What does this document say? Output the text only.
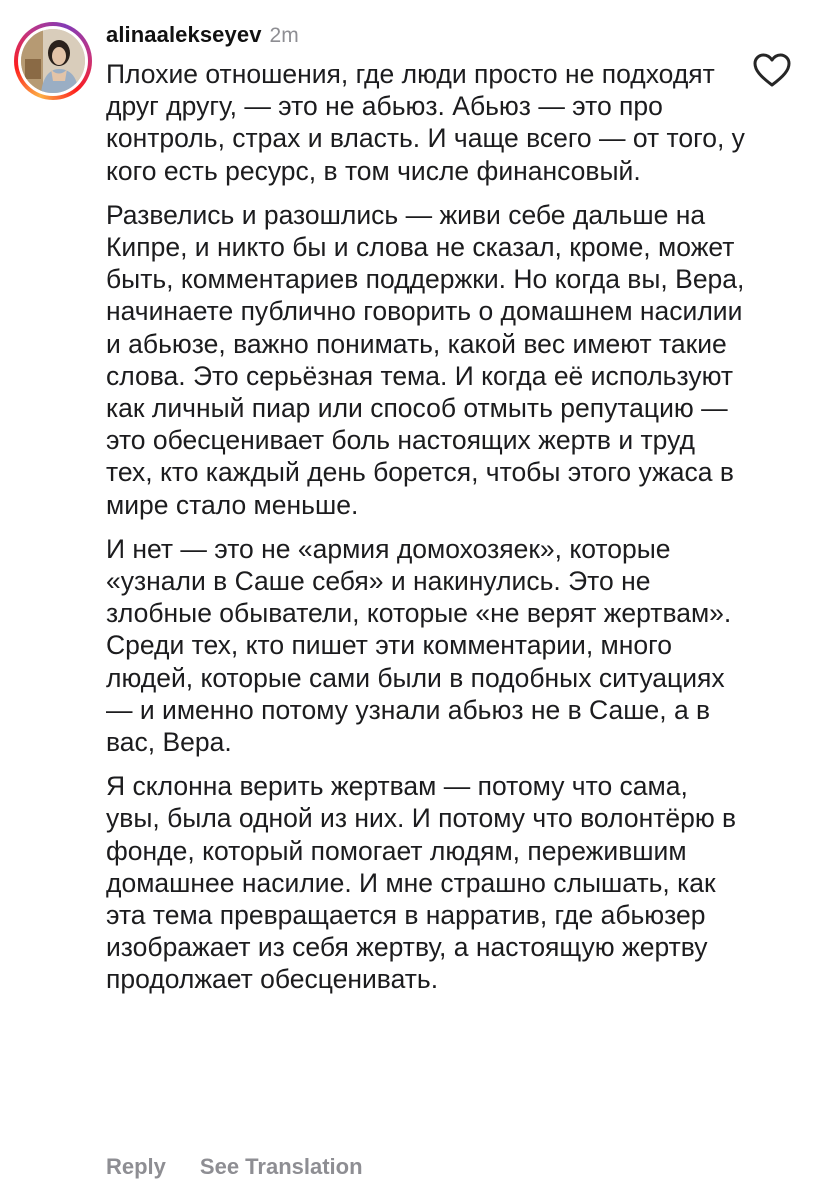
alinaalekseyev 2m

Плохие отношения, где люди просто не подходят друг другу, — это не абьюз. Абьюз — это про контроль, страх и власть. И чаще всего — от того, у кого есть ресурс, в том числе финансовый.

Развелись и разошлись — живи себе дальше на Кипре, и никто бы и слова не сказал, кроме, может быть, комментариев поддержки. Но когда вы, Вера, начинаете публично говорить о домашнем насилии и абьюзе, важно понимать, какой вес имеют такие слова. Это серьёзная тема. И когда её используют как личный пиар или способ отмыть репутацию — это обесценивает боль настоящих жертв и труд тех, кто каждый день борется, чтобы этого ужаса в мире стало меньше.

И нет — это не «армия домохозяек», которые «узнали в Саше себя» и накинулись. Это не злобные обыватели, которые «не верят жертвам». Среди тех, кто пишет эти комментарии, много людей, которые сами были в подобных ситуациях — и именно потому узнали абьюз не в Саше, а в вас, Вера.

Я склонна верить жертвам — потому что сама, увы, была одной из них. И потому что волонтёрю в фонде, который помогает людям, пережившим домашнее насилие. И мне страшно слышать, как эта тема превращается в нарратив, где абьюзер изображает из себя жертву, а настоящую жертву продолжает обесценивать.

Reply See Translation
